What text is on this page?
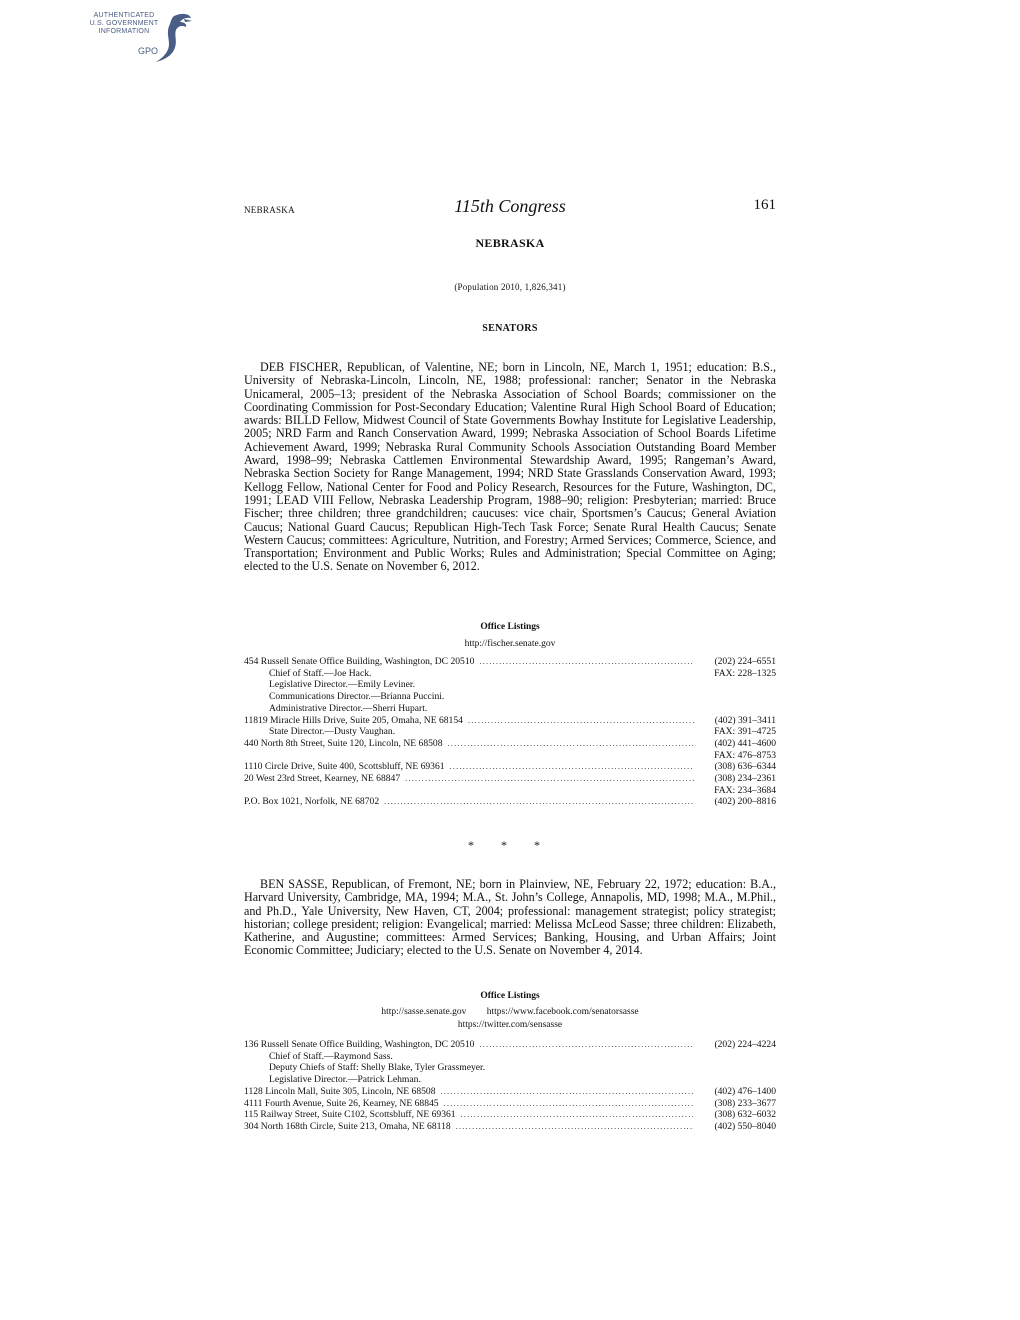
AUTHENTICATED
U.S. GOVERNMENT
INFORMATION
GPO
NEBRASKA	115th Congress	161
NEBRASKA
(Population 2010, 1,826,341)
SENATORS

DEB FISCHER, Republican, of Valentine, NE; born in Lincoln, NE, March 1, 1951; education: B.S., University of Nebraska-Lincoln, Lincoln, NE, 1988; professional: rancher; Senator in the Nebraska Unicameral, 2005–13; president of the Nebraska Association of School Boards; commissioner on the Coordinating Commission for Post-Secondary Education; Valentine Rural High School Board of Education; awards: BILLD Fellow, Midwest Council of State Governments Bowhay Institute for Legislative Leadership, 2005; NRD Farm and Ranch Conservation Award, 1999; Nebraska Association of School Boards Lifetime Achievement Award, 1999; Nebraska Rural Community Schools Association Outstanding Board Member Award, 1998–99; Nebraska Cattlemen Environmental Stewardship Award, 1995; Rangeman’s Award, Nebraska Section Society for Range Management, 1994; NRD State Grasslands Conservation Award, 1993; Kellogg Fellow, National Center for Food and Policy Research, Resources for the Future, Washington, DC, 1991; LEAD VIII Fellow, Nebraska Leadership Program, 1988–90; religion: Presbyterian; married: Bruce Fischer; three children; three grandchildren; caucuses: vice chair, Sportsmen’s Caucus; General Aviation Caucus; National Guard Caucus; Republican High-Tech Task Force; Senate Rural Health Caucus; Senate Western Caucus; committees: Agriculture, Nutrition, and Forestry; Armed Services; Commerce, Science, and Transportation; Environment and Public Works; Rules and Administration; Special Committee on Aging; elected to the U.S. Senate on November 6, 2012.

Office Listings
http://fischer.senate.gov
454 Russell Senate Office Building, Washington, DC 20510 .....	(202) 224–6551
Chief of Staff.—Joe Hack.	FAX: 228–1325
Legislative Director.—Emily Leviner.
Communications Director.—Brianna Puccini.
Administrative Director.—Sherri Hupart.
11819 Miracle Hills Drive, Suite 205, Omaha, NE 68154 .....	(402) 391–3411
State Director.—Dusty Vaughan.	FAX: 391–4725
440 North 8th Street, Suite 120, Lincoln, NE 68508 .....	(402) 441–4600
FAX: 476–8753
1110 Circle Drive, Suite 400, Scottsbluff, NE 69361 .....	(308) 636–6344
20 West 23rd Street, Kearney, NE 68847 .....	(308) 234–2361
FAX: 234–3684
P.O. Box 1021, Norfolk, NE 68702 .....	(402) 200–8816
* * *

BEN SASSE, Republican, of Fremont, NE; born in Plainview, NE, February 22, 1972; education: B.A., Harvard University, Cambridge, MA, 1994; M.A., St. John’s College, Annapolis, MD, 1998; M.A., M.Phil., and Ph.D., Yale University, New Haven, CT, 2004; professional: management strategist; policy strategist; historian; college president; religion: Evangelical; married: Melissa McLeod Sasse; three children: Elizabeth, Katherine, and Augustine; committees: Armed Services; Banking, Housing, and Urban Affairs; Joint Economic Committee; Judiciary; elected to the U.S. Senate on November 4, 2014.

Office Listings
http://sasse.senate.gov https://www.facebook.com/senatorsasse
https://twitter.com/sensasse
136 Russell Senate Office Building, Washington, DC 20510 .....	(202) 224–4224
Chief of Staff.—Raymond Sass.
Deputy Chiefs of Staff: Shelly Blake, Tyler Grassmeyer.
Legislative Director.—Patrick Lehman.
1128 Lincoln Mall, Suite 305, Lincoln, NE 68508 .....	(402) 476–1400
4111 Fourth Avenue, Suite 26, Kearney, NE 68845 .....	(308) 233–3677
115 Railway Street, Suite C102, Scottsbluff, NE 69361 .....	(308) 632–6032
304 North 168th Circle, Suite 213, Omaha, NE 68118 .....	(402) 550–8040
